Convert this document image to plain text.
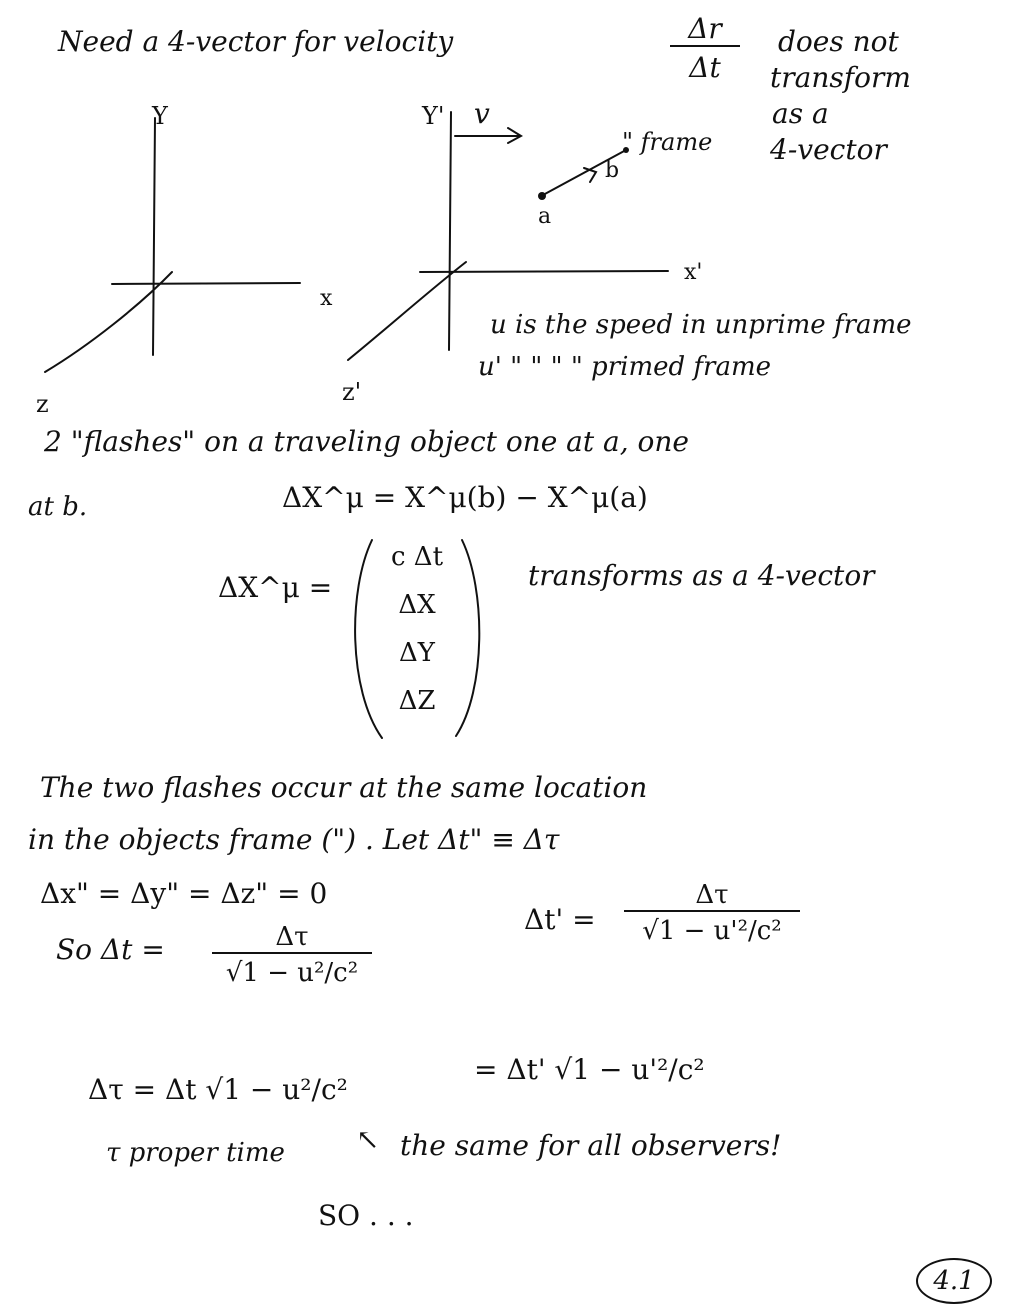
Need a 4-vector for velocity	$\frac{\Delta r}{\Delta t}$ does not
transform
as a
4-vector
Y
x
z
Y'
x'
z'
v
a
b
" frame
u is the speed in unprime frame
u' " " " " primed frame
2 "flashes" on a traveling object one at a, one
at b.	ΔX^μ = X^μ(b) − X^μ(a)
ΔX^μ =
c Δt
ΔX
ΔY
ΔZ
transforms as a 4-vector
The two flashes occur at the same location
in the objects frame (") . Let Δt" ≡ Δτ
Δx" = Δy" = Δz" = 0
So $\Delta t = \frac{\Delta\tau}{\text{√1 − u²/c²}}$
$\Delta t' = \frac{\Delta\tau}{\text{√1 − u'²/c²}}$
Δτ = Δt √1 − u²/c²
= Δt' √1 − u'²/c²
τ proper time	↖ the same for all observers!
SO . . .
4.1
